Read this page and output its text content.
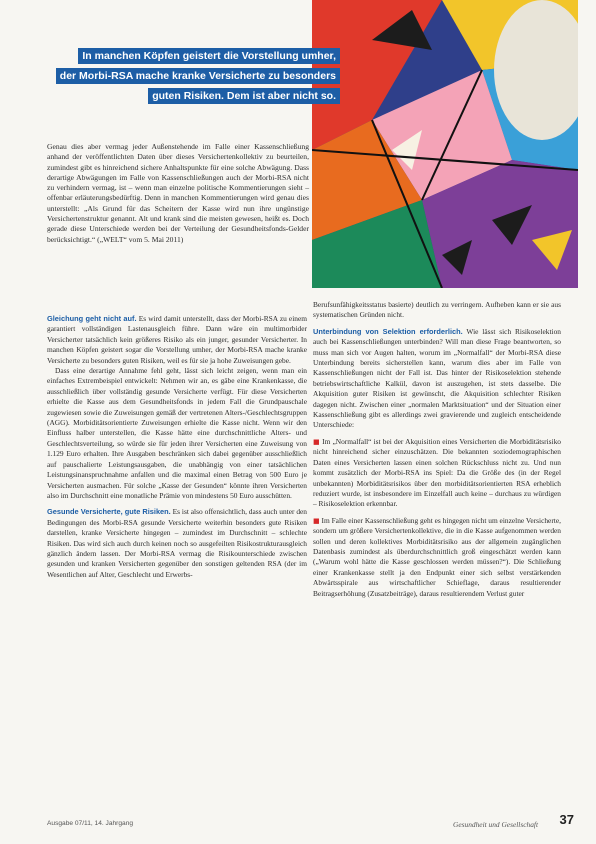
In manchen Köpfen geistert die Vorstellung umher,
der Morbi-RSA mache kranke Versicherte zu besonders
guten Risiken. Dem ist aber nicht so.
Genau dies aber vermag jeder Außenstehende im Falle einer Kassenschließung anhand der veröffentlichten Daten über dieses Versichertenkollektiv zu beurteilen, zumindest gibt es hinreichend sichere Anhaltspunkte für eine solche Abwägung. Dass derartige Abwägungen im Falle von Kassenschließungen auch der Morbi-RSA nicht zu verhindern vermag, ist – wenn man einzelne politische Kommentierungen sieht – offenbar erläuterungsbedürftig. Denn in manchen Kommentierungen wird genau dies unterstellt: „Als Grund für das Scheitern der Kasse wird nun ihre ungünstige Versichertenstruktur genannt. Alt und krank sind die meisten gewesen, heißt es. Doch gerade diese Unterschiede werden bei der Verteilung der Gesundheitsfonds-Gelder berücksichtigt.“ („WELT“ vom 5. Mai 2011)

Gleichung geht nicht auf. Es wird damit unterstellt, dass der Morbi-RSA zu einem garantiert vollständigen Lastenausgleich führe. Dann wäre ein multimorbider Versicherter tatsächlich kein größeres Risiko als ein junger, gesunder Versicherter. In manchen Köpfen geistert sogar die Vorstellung umher, der Morbi-RSA mache kranke Versicherte zu besonders guten Risiken, weil es für sie ja hohe Zuweisungen gebe.

Dass eine derartige Annahme fehl geht, lässt sich leicht zeigen, wenn man ein einfaches Extrembeispiel entwickelt: Nehmen wir an, es gäbe eine Krankenkasse, die ausschließlich über vollständig gesunde Versicherte verfügt. Für diese Versicherten erhielte die Kasse aus dem Gesundheitsfonds in jedem Fall die Grundpauschale zugewiesen sowie die Zuweisungen gemäß der vertretenen Alters-/Geschlechtsgruppen (AGG). Morbiditätsorientierte Zuweisungen erhielte die Kasse nicht. Wenn wir den Einfluss halber unterstellen, die Kasse hätte eine durchschnittliche Alters- und Geschlechtsverteilung, so würde sie für jeden ihrer Versicherten eine Zuweisung von 1.129 Euro erhalten. Ihre Ausgaben beschränken sich dabei gegenüber ausschließlich auf pauschalierte Leistungsausgaben, die unabhängig von einer tatsächlichen Leistungsinanspruchnahme anfallen und die maximal einen Betrag von 500 Euro je Versicherten ausmachen. Für solche „Kasse der Gesunden“ könnte ihren Versicherten also im Durchschnitt eine monatliche Prämie von mindestens 50 Euro ausschütten.

Gesunde Versicherte, gute Risiken. Es ist also offensichtlich, dass auch unter den Bedingungen des Morbi-RSA gesunde Versicherte weiterhin besonders gute Risiken darstellen, kranke Versicherte hingegen – zumindest im Durchschnitt – schlechte Risiken. Das wird sich auch durch keinen noch so ausgefeilten Risikostrukturausgleich gänzlich ändern lassen. Der Morbi-RSA vermag die Risikounterschiede zwischen gesunden und kranken Versicherten gegenüber den sonstigen geltenden RSA (der im Wesentlichen auf Alter, Geschlecht und Erwerbs-

Berufsunfähigkeitsstatus basierte) deutlich zu verringern. Aufheben kann er sie aus systematischen Gründen nicht.

Unterbindung von Selektion erforderlich. Wie lässt sich Risikoselektion auch bei Kassenschließungen unterbinden? Will man diese Frage beantworten, so muss man sich vor Augen halten, worum im „Normalfall“ der Morbi-RSA diese Unterbindung bereits sicherstellen kann, warum dies aber im Falle von Kassenschließungen nicht der Fall ist. Das hinter der Risikoselektion stehende betriebswirtschaftliche Kalkül, davon ist auszugehen, ist stets dasselbe. Die Akquisition guter Risiken ist gewünscht, die Akquisition schlechter Risiken dagegen nicht. Zwischen einer „normalen Marktsituation“ und der Situation einer Kassenschließung gibt es allerdings zwei gravierende und zugleich entscheidende Unterschiede:

■ Im „Normalfall“ ist bei der Akquisition eines Versicherten die Morbiditätsrisiko nicht hinreichend sicher einzuschätzen. Die bekannten soziodemographischen Daten eines Versicherten lassen einen solchen Rückschluss nicht zu. Und nun kommt zusätzlich der Morbi-RSA ins Spiel: Da die Größe des (in der Regel unbekannten) Morbiditätsrisikos über den morbiditätsorientierten RSA erheblich reduziert wurde, ist insbesondere im Einzelfall auch keine – durchaus zu würdigen – Risikoselektion erkennbar.

■ Im Falle einer Kassenschließung geht es hingegen nicht um einzelne Versicherte, sondern um größere Versichertenkollektive, die in die Kasse aufgenommen werden sollen und deren kollektives Morbiditätsrisiko aus der allgemein zugänglichen Datenbasis zumindest als überdurchschnittlich groß eingeschätzt werden kann („Warum wohl hätte die Kasse geschlossen werden müssen?“). Die Schließung einer Krankenkasse stellt ja den Endpunkt einer sich selbst verstärkenden Abwärtsspirale aus wirtschaftlicher Schieflage, daraus resultierender Beitragserhöhung (Zusatzbeiträge), daraus resultierendem Verlust guter

Ausgabe 07/11, 14. Jahrgang	Gesundheit und Gesellschaft 37
